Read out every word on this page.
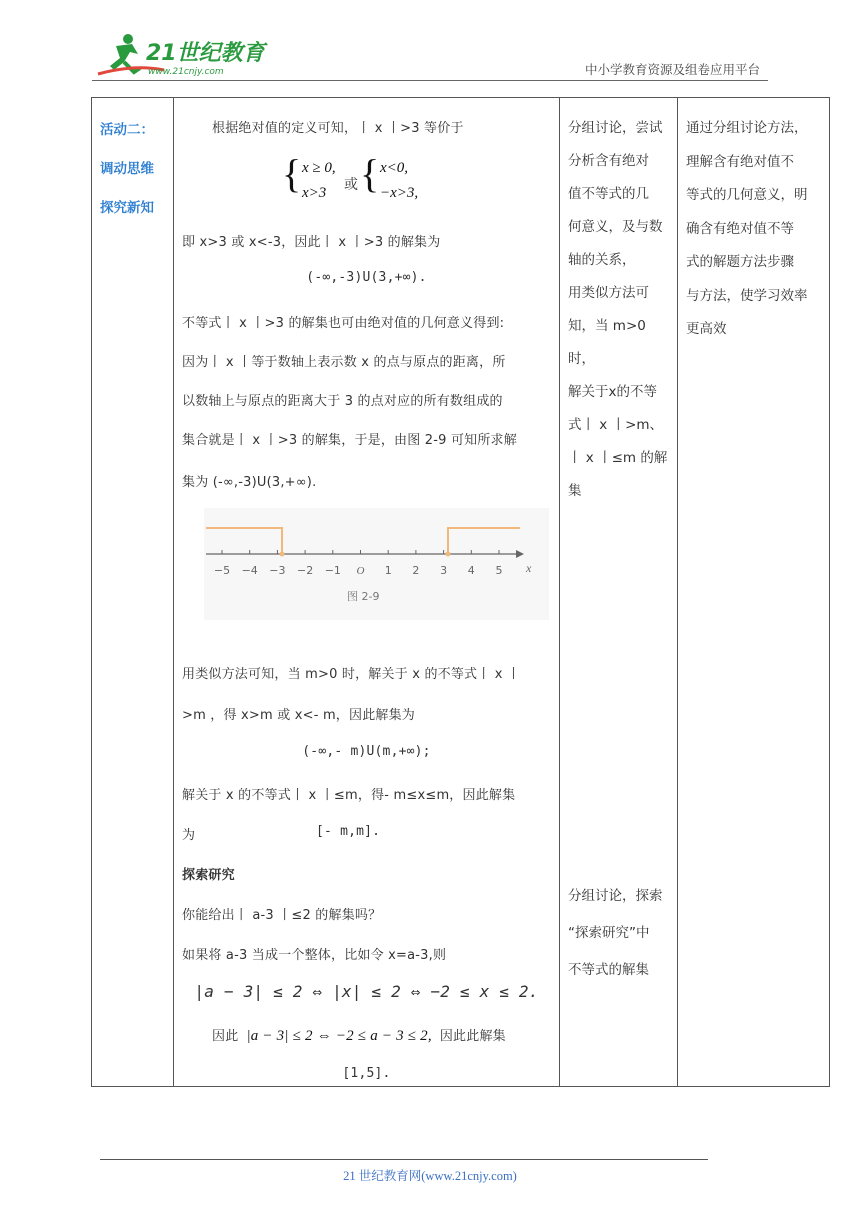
21世纪教育
www.21cnjy.com	中小学教育资源及组卷应用平台
活动二：
调动思维
探究新知

根据绝对值的定义可知，丨 x 丨>3 等价于
{ x ≥ 0,
x>3 或 { x<0,
−x>3,
即 x>3 或 x<-3，因此丨 x 丨>3 的解集为
(-∞,-3)U(3,+∞).
不等式丨 x 丨>3 的解集也可由绝对值的几何意义得到:
因为丨 x 丨等于数轴上表示数 x 的点与原点的距离，所
以数轴上与原点的距离大于 3 的点对应的所有数组成的
集合就是丨 x 丨>3 的解集，于是，由图 2-9 可知所求解
集为 (-∞,-3)U(3,+∞).
−5 −4 −3 −2 −1 O 1 2 3 4 5 x
图 2-9
用类似方法可知，当 m>0 时，解关于 x 的不等式丨 x 丨
>m ，得 x>m 或 x<- m，因此解集为
(-∞,- m)U(m,+∞);
解关于 x 的不等式丨 x 丨≤m，得- m≤x≤m，因此解集
为	[- m,m].
探索研究
你能给出丨 a-3 丨≤2 的解集吗？
如果将 a-3 当成一个整体，比如令 x=a-3,则
|a − 3| ≤ 2 ⇔ |x| ≤ 2 ⇔ −2 ≤ x ≤ 2.
因此 |a − 3| ≤ 2 ⇔ −2 ≤ a − 3 ≤ 2, 因此此解集
[1,5].

分组讨论，尝试
分析含有绝对
值不等式的几
何意义，及与数
轴的关系，
用类似方法可
知，当 m>0 时，
解关于x的不等
式丨 x 丨>m、
丨 x 丨≤m 的解
集
分组讨论，探索
“探索研究”中
不等式的解集

通过分组讨论方法，
理解含有绝对值不
等式的几何意义，明
确含有绝对值不等
式的解题方法步骤
与方法，使学习效率
更高效
21 世纪教育网(www.21cnjy.com)
